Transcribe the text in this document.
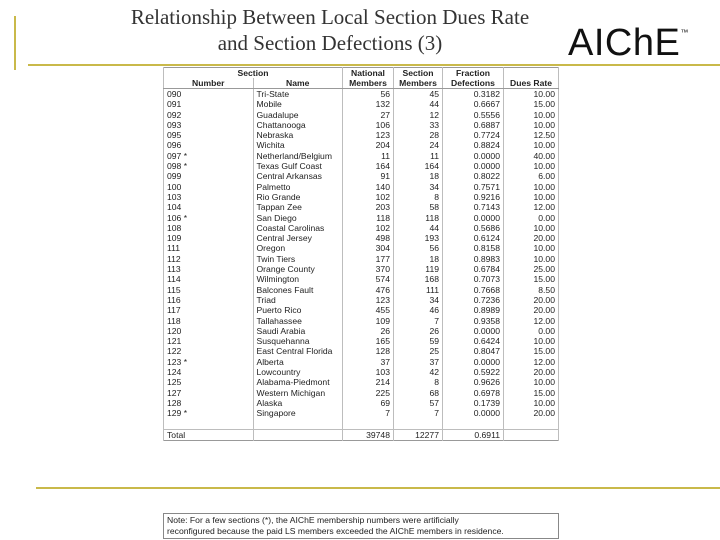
Relationship Between Local Section Dues Rate
and Section Defections (3)	AIChE™
Section		National	Section	Fraction	
Number	Name	Members	Members	Defections	Dues Rate
090	Tri-State	56	45	0.3182	10.00
091	Mobile	132	44	0.6667	15.00
092	Guadalupe	27	12	0.5556	10.00
093	Chattanooga	106	33	0.6887	10.00
095	Nebraska	123	28	0.7724	12.50
096	Wichita	204	24	0.8824	10.00
097 *	Netherland/Belgium	11	11	0.0000	40.00
098 *	Texas Gulf Coast	164	164	0.0000	10.00
099	Central Arkansas	91	18	0.8022	6.00
100	Palmetto	140	34	0.7571	10.00
103	Rio Grande	102	8	0.9216	10.00
104	Tappan Zee	203	58	0.7143	12.00
106 *	San Diego	118	118	0.0000	0.00
108	Coastal Carolinas	102	44	0.5686	10.00
109	Central Jersey	498	193	0.6124	20.00
111	Oregon	304	56	0.8158	10.00
112	Twin Tiers	177	18	0.8983	10.00
113	Orange County	370	119	0.6784	25.00
114	Wilmington	574	168	0.7073	15.00
115	Balcones Fault	476	111	0.7668	8.50
116	Triad	123	34	0.7236	20.00
117	Puerto Rico	455	46	0.8989	20.00
118	Tallahassee	109	7	0.9358	12.00
120	Saudi Arabia	26	26	0.0000	0.00
121	Susquehanna	165	59	0.6424	10.00
122	East Central Florida	128	25	0.8047	15.00
123 *	Alberta	37	37	0.0000	12.00
124	Lowcountry	103	42	0.5922	20.00
125	Alabama-Piedmont	214	8	0.9626	10.00
127	Western Michigan	225	68	0.6978	15.00
128	Alaska	69	57	0.1739	10.00
129 *	Singapore	7	7	0.0000	20.00

Total		39748	12277	0.6911	
Note: For a few sections (*), the AIChE membership numbers were artificially
reconfigured because the paid LS members exceeded the AIChE members in residence.
